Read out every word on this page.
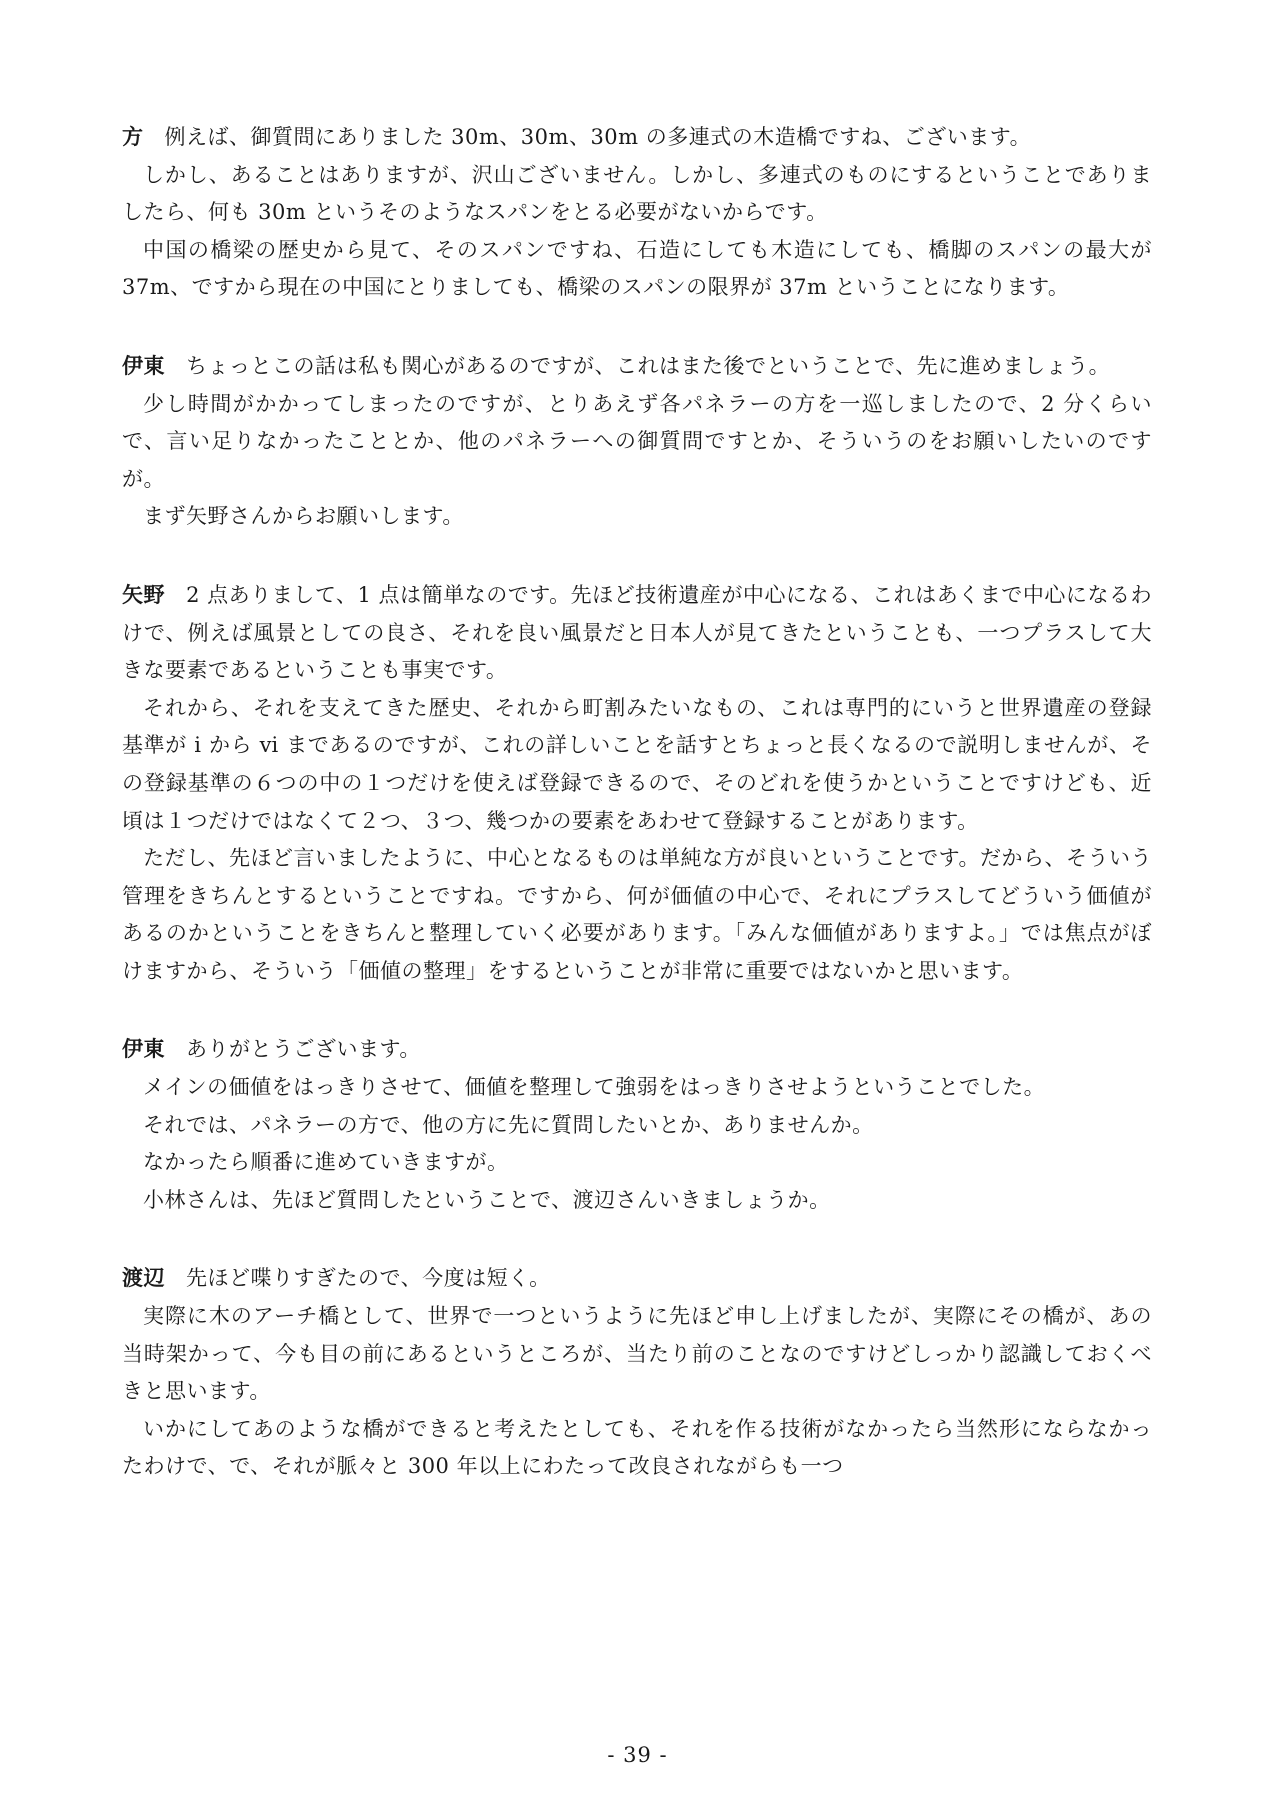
方 例えば、御質問にありました 30m、30m、30m の多連式の木造橋ですね、ございます。

しかし、あることはありますが、沢山ございません。しかし、多連式のものにするということでありましたら、何も 30m というそのようなスパンをとる必要がないからです。

中国の橋梁の歴史から見て、そのスパンですね、石造にしても木造にしても、橋脚のスパンの最大が 37m、ですから現在の中国にとりましても、橋梁のスパンの限界が 37m ということになります。

伊東 ちょっとこの話は私も関心があるのですが、これはまた後でということで、先に進めましょう。

少し時間がかかってしまったのですが、とりあえず各パネラーの方を一巡しましたので、2 分くらいで、言い足りなかったこととか、他のパネラーへの御質問ですとか、そういうのをお願いしたいのですが。

まず矢野さんからお願いします。

矢野 2 点ありまして、1 点は簡単なのです。先ほど技術遺産が中心になる、これはあくまで中心になるわけで、例えば風景としての良さ、それを良い風景だと日本人が見てきたということも、一つプラスして大きな要素であるということも事実です。

それから、それを支えてきた歴史、それから町割みたいなもの、これは専門的にいうと世界遺産の登録基準が ⅰ から ⅵ まであるのですが、これの詳しいことを話すとちょっと長くなるので説明しませんが、その登録基準の６つの中の１つだけを使えば登録できるので、そのどれを使うかということですけども、近頃は１つだけではなくて２つ、３つ、幾つかの要素をあわせて登録することがあります。

ただし、先ほど言いましたように、中心となるものは単純な方が良いということです。だから、そういう管理をきちんとするということですね。ですから、何が価値の中心で、それにプラスしてどういう価値があるのかということをきちんと整理していく必要があります。「みんな価値がありますよ。」では焦点がぼけますから、そういう「価値の整理」をするということが非常に重要ではないかと思います。

伊東 ありがとうございます。

メインの価値をはっきりさせて、価値を整理して強弱をはっきりさせようということでした。

それでは、パネラーの方で、他の方に先に質問したいとか、ありませんか。

なかったら順番に進めていきますが。

小林さんは、先ほど質問したということで、渡辺さんいきましょうか。

渡辺 先ほど喋りすぎたので、今度は短く。

実際に木のアーチ橋として、世界で一つというように先ほど申し上げましたが、実際にその橋が、あの当時架かって、今も目の前にあるというところが、当たり前のことなのですけどしっかり認識しておくべきと思います。

いかにしてあのような橋ができると考えたとしても、それを作る技術がなかったら当然形にならなかったわけで、で、それが脈々と 300 年以上にわたって改良されながらも一つ

- 39 -
